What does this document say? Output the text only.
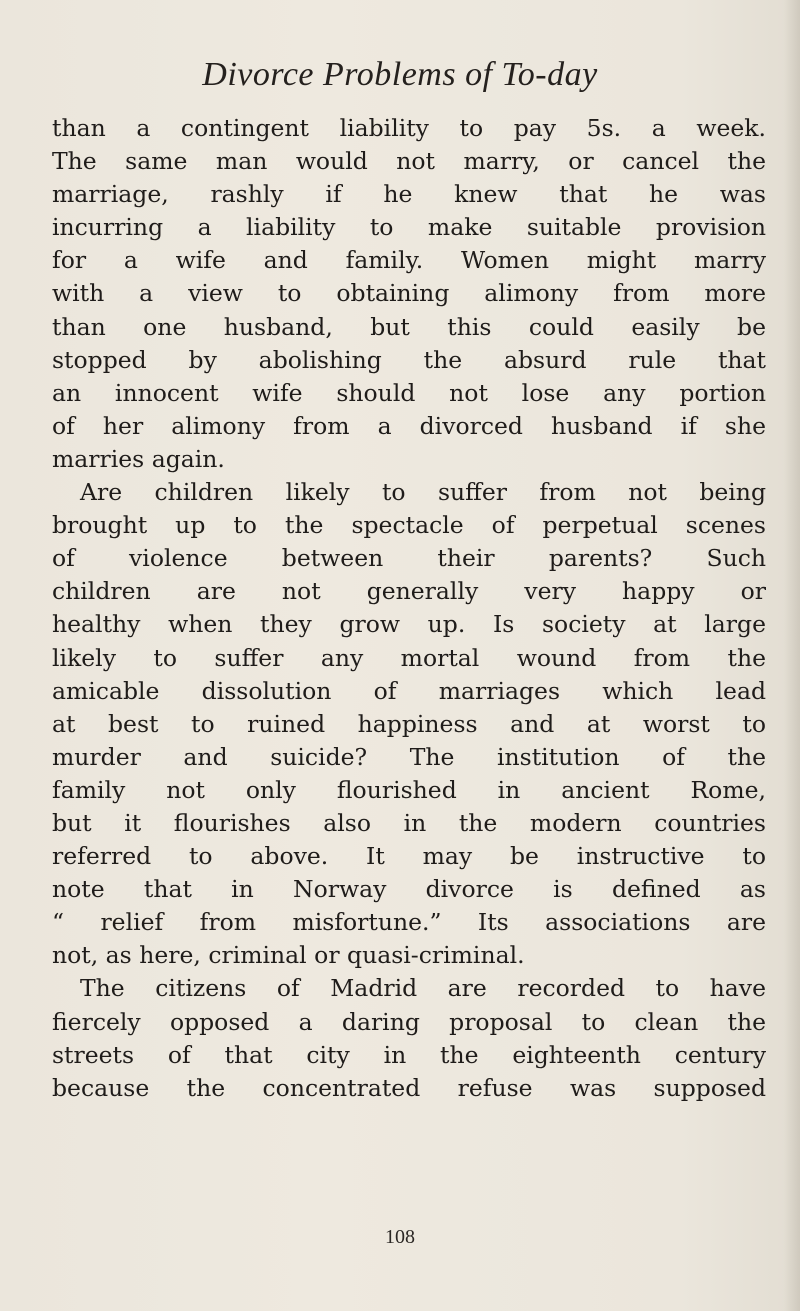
Divorce Problems of To-day
than a contingent liability to pay 5s. a week.
The same man would not marry, or cancel the
marriage, rashly if he knew that he was
incurring a liability to make suitable provision
for a wife and family. Women might marry
with a view to obtaining alimony from more
than one husband, but this could easily be
stopped by abolishing the absurd rule that
an innocent wife should not lose any portion
of her alimony from a divorced husband if she
marries again.
Are children likely to suffer from not being
brought up to the spectacle of perpetual scenes
of violence between their parents? Such
children are not generally very happy or
healthy when they grow up. Is society at large
likely to suffer any mortal wound from the
amicable dissolution of marriages which lead
at best to ruined happiness and at worst to
murder and suicide? The institution of the
family not only flourished in ancient Rome,
but it flourishes also in the modern countries
referred to above. It may be instructive to
note that in Norway divorce is defined as
“ relief from misfortune.” Its associations are
not, as here, criminal or quasi-criminal.
The citizens of Madrid are recorded to have
fiercely opposed a daring proposal to clean the
streets of that city in the eighteenth century
because the concentrated refuse was supposed
108
